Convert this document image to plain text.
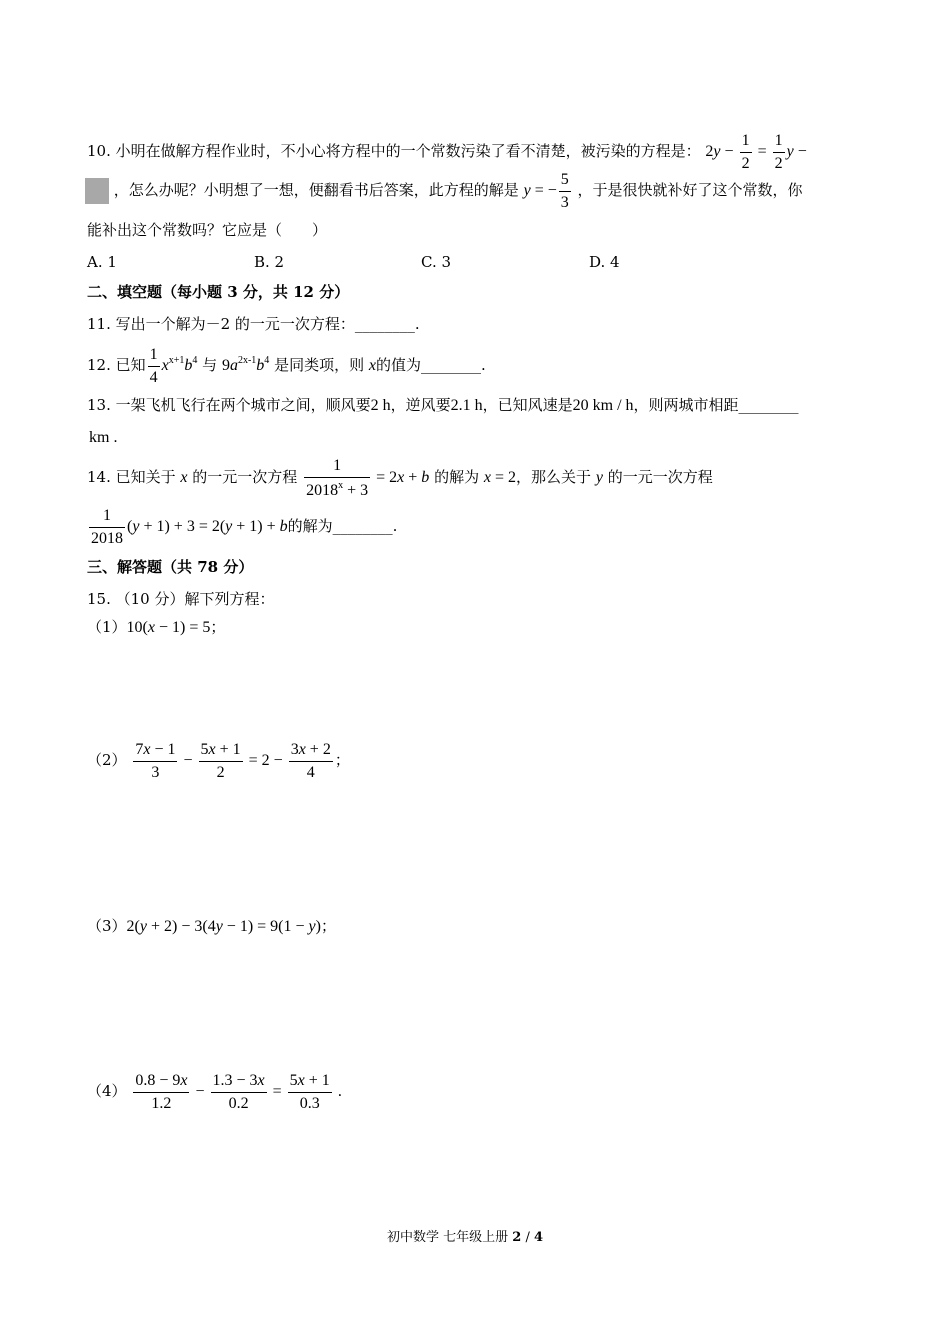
10. 小明在做解方程作业时，不小心将方程中的一个常数污染了看不清楚，被污染的方程是： $2y - \frac{1}{2} = \frac{1}{2}$ y −
，怎么办呢？小明想了一想，便翻看书后答案，此方程的解是 y = − $\frac{5}{3}$ ，于是很快就补好了这个常数，你
能补出这个常数吗？它应是（　　）
A. 1	B. 2	C. 3	D. 4
二、填空题（每小题 3 分，共 12 分）
11. 写出一个解为－2 的一元一次方程：________.
12. 已知 $\frac{1}{4} x^{x+1}b^4$ 与 $9a^{2x-1}b^4$ 是同类项，则 x的值为________.
13. 一架飞机飞行在两个城市之间，顺风要2 h，逆风要2.1 h，已知风速是20 km / h，则两城市相距________
km .
14. 已知关于 x 的一元一次方程 $\frac{1}{2018^x + 3} = 2x + b$ 的解为 x = 2，那么关于 y 的一元一次方程
$\frac{1}{2018} (y + 1) + 3 = 2(y + 1) + b$的解为________.
三、解答题（共 78 分）
15. （10 分）解下列方程：
（1）10(x − 1) = 5；
$(2) \frac{7x - 1}{3} - \frac{5x + 1}{2} = 2 - \frac{3x + 2}{4}$ ；
（3）2(y + 2) − 3(4y − 1) = 9(1 − y)；
$(4) \frac{0.8 - 9x}{1.2} - \frac{1.3 - 3x}{0.2} = \frac{5x + 1}{0.3}$ .
初中数学 七年级上册 2 / 4
